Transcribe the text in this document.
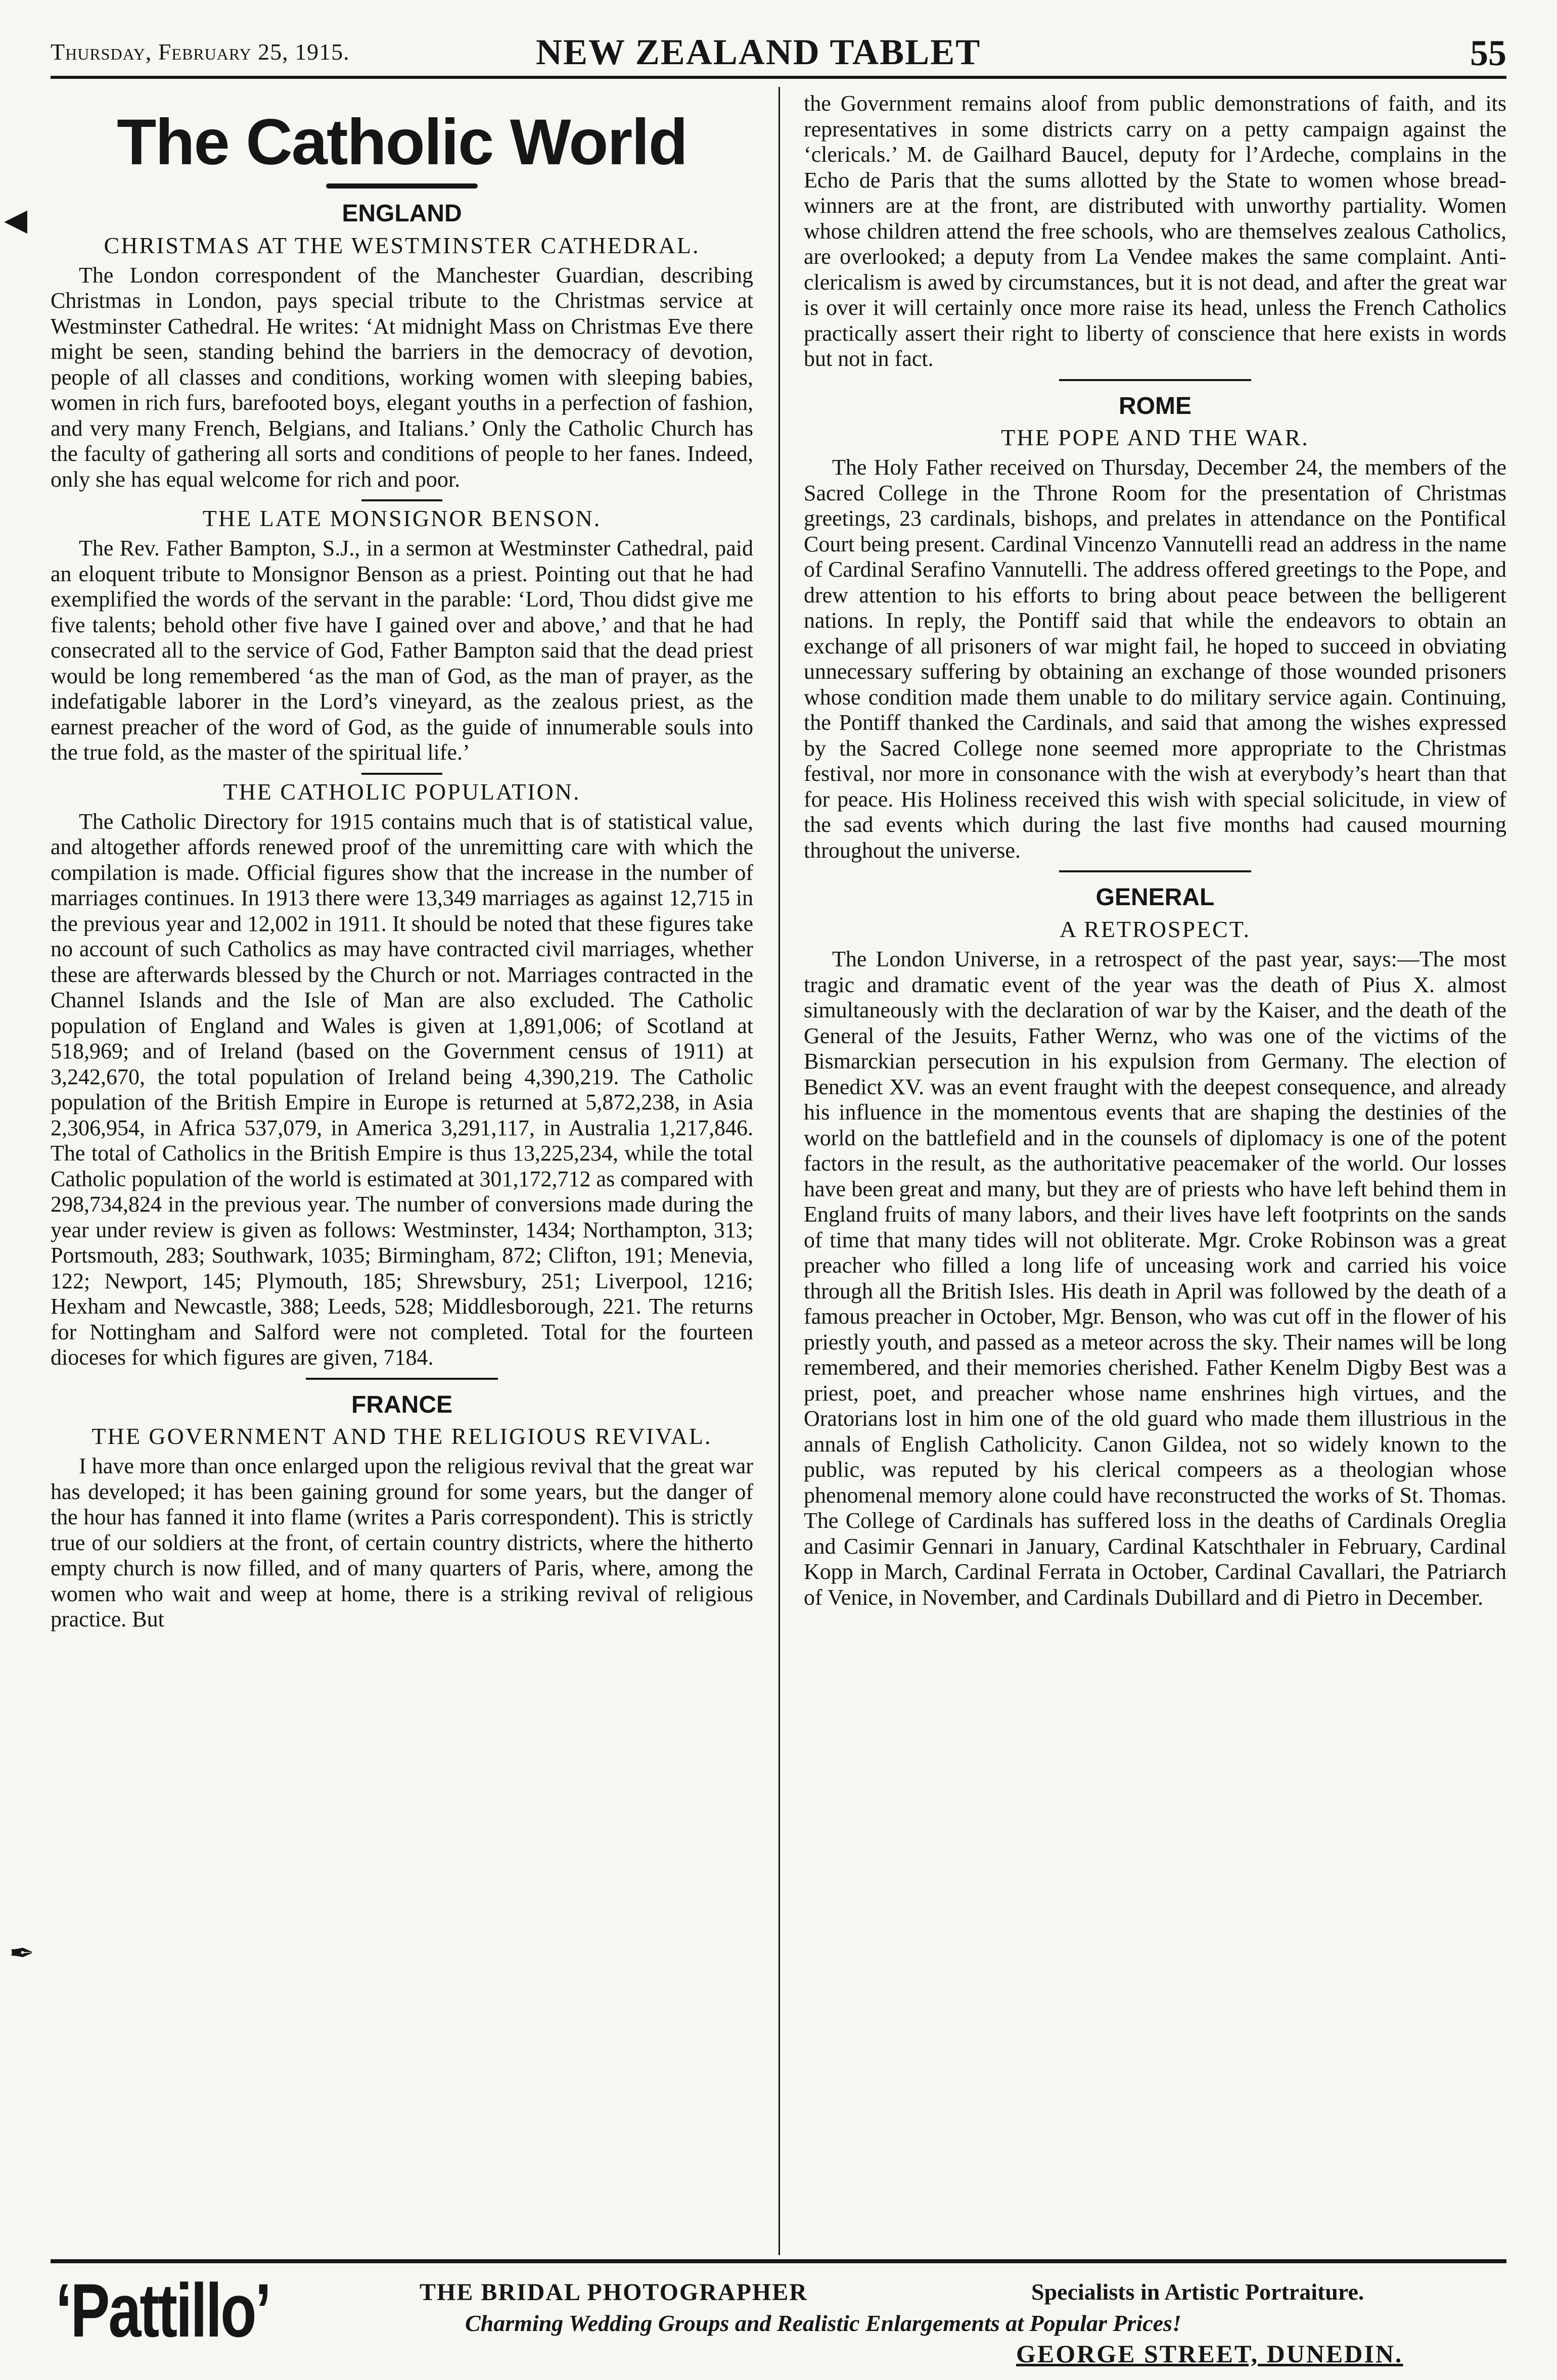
Thursday, February 25, 1915.	NEW ZEALAND TABLET	55
◀
✒
The Catholic World
ENGLAND
CHRISTMAS AT THE WESTMINSTER CATHEDRAL.

The London correspondent of the Manchester Guardian, describing Christmas in London, pays special tribute to the Christmas service at Westminster Cathedral. He writes: ‘At midnight Mass on Christmas Eve there might be seen, standing behind the barriers in the democracy of devotion, people of all classes and conditions, working women with sleeping babies, women in rich furs, barefooted boys, elegant youths in a perfection of fashion, and very many French, Belgians, and Italians.’ Only the Catholic Church has the faculty of gathering all sorts and conditions of people to her fanes. Indeed, only she has equal welcome for rich and poor.

THE LATE MONSIGNOR BENSON.

The Rev. Father Bampton, S.J., in a sermon at Westminster Cathedral, paid an eloquent tribute to Monsignor Benson as a priest. Pointing out that he had exemplified the words of the servant in the parable: ‘Lord, Thou didst give me five talents; behold other five have I gained over and above,’ and that he had consecrated all to the service of God, Father Bampton said that the dead priest would be long remembered ‘as the man of God, as the man of prayer, as the indefatigable laborer in the Lord’s vineyard, as the zealous priest, as the earnest preacher of the word of God, as the guide of innumerable souls into the true fold, as the master of the spiritual life.’

THE CATHOLIC POPULATION.

The Catholic Directory for 1915 contains much that is of statistical value, and altogether affords renewed proof of the unremitting care with which the compilation is made. Official figures show that the increase in the number of marriages continues. In 1913 there were 13,349 marriages as against 12,715 in the previous year and 12,002 in 1911. It should be noted that these figures take no account of such Catholics as may have contracted civil marriages, whether these are afterwards blessed by the Church or not. Marriages contracted in the Channel Islands and the Isle of Man are also excluded. The Catholic population of England and Wales is given at 1,891,006; of Scotland at 518,969; and of Ireland (based on the Government census of 1911) at 3,242,670, the total population of Ireland being 4,390,219. The Catholic population of the British Empire in Europe is returned at 5,872,238, in Asia 2,306,954, in Africa 537,079, in America 3,291,117, in Australia 1,217,846. The total of Catholics in the British Empire is thus 13,225,234, while the total Catholic population of the world is estimated at 301,172,712 as compared with 298,734,824 in the previous year. The number of conversions made during the year under review is given as follows: Westminster, 1434; Northampton, 313; Portsmouth, 283; Southwark, 1035; Birmingham, 872; Clifton, 191; Menevia, 122; Newport, 145; Plymouth, 185; Shrewsbury, 251; Liverpool, 1216; Hexham and Newcastle, 388; Leeds, 528; Middlesborough, 221. The returns for Nottingham and Salford were not completed. Total for the fourteen dioceses for which figures are given, 7184.

FRANCE
THE GOVERNMENT AND THE RELIGIOUS REVIVAL.

I have more than once enlarged upon the religious revival that the great war has developed; it has been gaining ground for some years, but the danger of the hour has fanned it into flame (writes a Paris correspondent). This is strictly true of our soldiers at the front, of certain country districts, where the hitherto empty church is now filled, and of many quarters of Paris, where, among the women who wait and weep at home, there is a striking revival of religious practice. But

the Government remains aloof from public demonstrations of faith, and its representatives in some districts carry on a petty campaign against the ‘clericals.’ M. de Gailhard Baucel, deputy for l’Ardeche, complains in the Echo de Paris that the sums allotted by the State to women whose bread-winners are at the front, are distributed with unworthy partiality. Women whose children attend the free schools, who are themselves zealous Catholics, are overlooked; a deputy from La Vendee makes the same complaint. Anti-clericalism is awed by circumstances, but it is not dead, and after the great war is over it will certainly once more raise its head, unless the French Catholics practically assert their right to liberty of conscience that here exists in words but not in fact.

ROME
THE POPE AND THE WAR.

The Holy Father received on Thursday, December 24, the members of the Sacred College in the Throne Room for the presentation of Christmas greetings, 23 cardinals, bishops, and prelates in attendance on the Pontifical Court being present. Cardinal Vincenzo Vannutelli read an address in the name of Cardinal Serafino Vannutelli. The address offered greetings to the Pope, and drew attention to his efforts to bring about peace between the belligerent nations. In reply, the Pontiff said that while the endeavors to obtain an exchange of all prisoners of war might fail, he hoped to succeed in obviating unnecessary suffering by obtaining an exchange of those wounded prisoners whose condition made them unable to do military service again. Continuing, the Pontiff thanked the Cardinals, and said that among the wishes expressed by the Sacred College none seemed more appropriate to the Christmas festival, nor more in consonance with the wish at everybody’s heart than that for peace. His Holiness received this wish with special solicitude, in view of the sad events which during the last five months had caused mourning throughout the universe.

GENERAL
A RETROSPECT.

The London Universe, in a retrospect of the past year, says:—The most tragic and dramatic event of the year was the death of Pius X. almost simultaneously with the declaration of war by the Kaiser, and the death of the General of the Jesuits, Father Wernz, who was one of the victims of the Bismarckian persecution in his expulsion from Germany. The election of Benedict XV. was an event fraught with the deepest consequence, and already his influence in the momentous events that are shaping the destinies of the world on the battlefield and in the counsels of diplomacy is one of the potent factors in the result, as the authoritative peacemaker of the world. Our losses have been great and many, but they are of priests who have left behind them in England fruits of many labors, and their lives have left footprints on the sands of time that many tides will not obliterate. Mgr. Croke Robinson was a great preacher who filled a long life of unceasing work and carried his voice through all the British Isles. His death in April was followed by the death of a famous preacher in October, Mgr. Benson, who was cut off in the flower of his priestly youth, and passed as a meteor across the sky. Their names will be long remembered, and their memories cherished. Father Kenelm Digby Best was a priest, poet, and preacher whose name enshrines high virtues, and the Oratorians lost in him one of the old guard who made them illustrious in the annals of English Catholicity. Canon Gildea, not so widely known to the public, was reputed by his clerical compeers as a theologian whose phenomenal memory alone could have reconstructed the works of St. Thomas. The College of Cardinals has suffered loss in the deaths of Cardinals Oreglia and Casimir Gennari in January, Cardinal Katschthaler in February, Cardinal Kopp in March, Cardinal Ferrata in October, Cardinal Cavallari, the Patriarch of Venice, in November, and Cardinals Dubillard and di Pietro in December.

‘Pattillo’	THE BRIDAL PHOTOGRAPHER	Specialists in Artistic Portraiture.
Charming Wedding Groups and Realistic Enlargements at Popular Prices!
GEORGE STREET, DUNEDIN.
